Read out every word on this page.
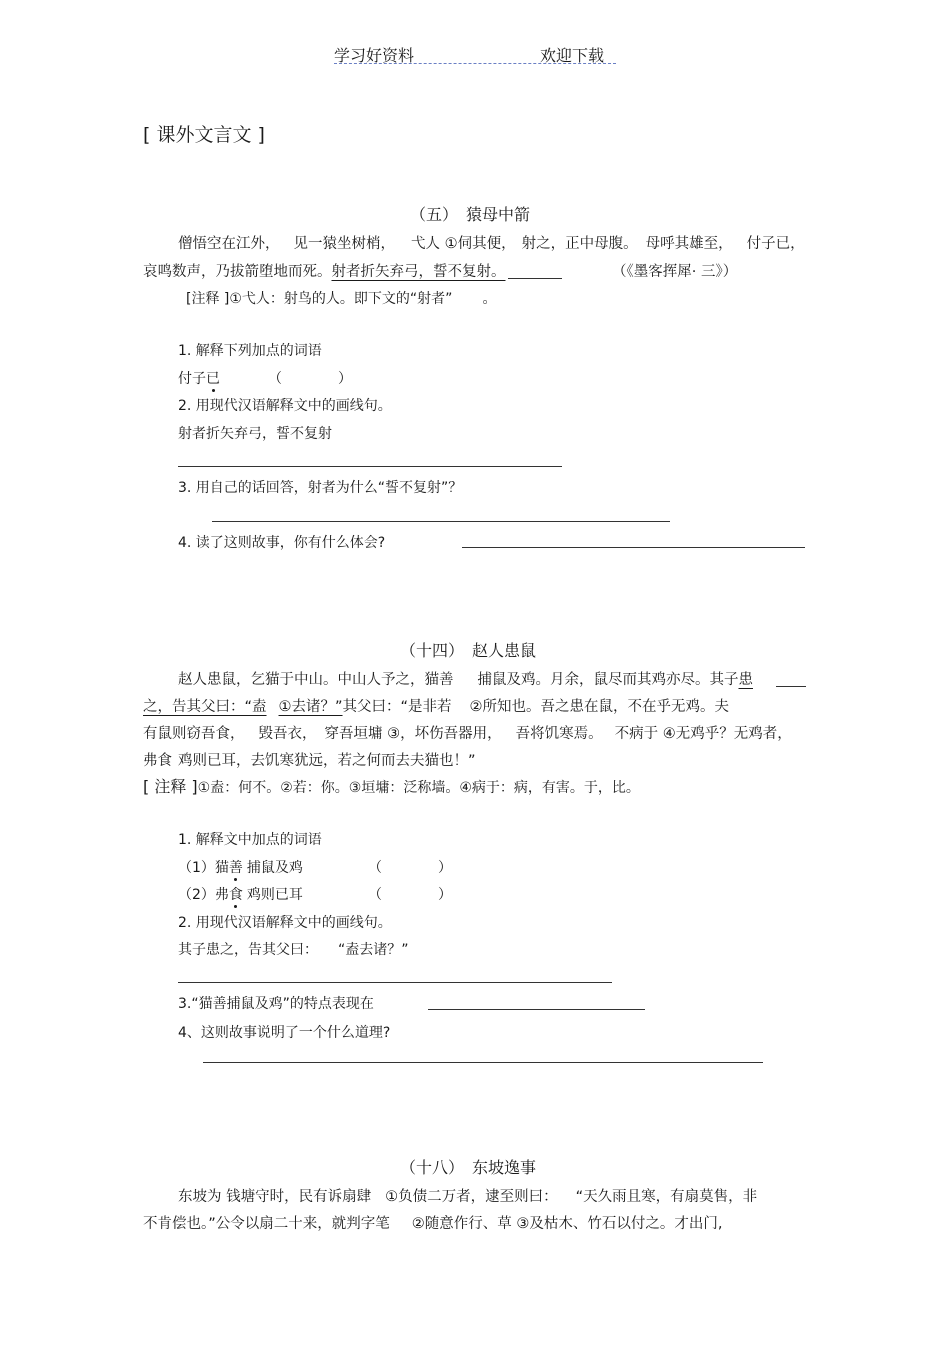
学习好资料	欢迎下载
[ 课外文言文 ]
（五）　猿母中箭
僧悟空在江外， 见一猿坐树梢， 弋人 ①伺其便， 射之，正中母腹。 母呼其雄至， 付子已，
哀鸣数声，乃拔箭堕地而死。射者折矢弃弓，誓不复射。	（《墨客挥犀· 三》）
[注释 ]①弋人：射鸟的人。即下文的“射者” 。
1. 解释下列加点的词语
付子已	（　　　　）
2. 用现代汉语解释文中的画线句。
射者折矢弃弓，誓不复射
3. 用自己的话回答，射者为什么“誓不复射”？
4. 读了这则故事，你有什么体会?
（十四）　赵人患鼠
赵人患鼠，乞猫于中山。中山人予之，猫善 捕鼠及鸡。月余，鼠尽而其鸡亦尽。其子患
之，告其父曰：“盍 ①去诸？”其父曰：“是非若 ②所知也。吾之患在鼠，不在乎无鸡。夫
有鼠则窃吾食， 毁吾衣， 穿吾垣墉 ③，坏伤吾器用， 吾将饥寒焉。 不病于 ④无鸡乎？无鸡者，
弗食 鸡则已耳，去饥寒犹远，若之何而去夫猫也！”
[ 注释 ]①盍：何不。②若：你。③垣墉：泛称墙。④病于：病，有害。于，比。
1. 解释文中加点的词语
（1）猫善 捕鼠及鸡	（　　　　）
（2）弗食 鸡则已耳	（　　　　）
2. 用现代汉语解释文中的画线句。
其子患之，告其父曰： “盍去诸？”
3.“猫善捕鼠及鸡”的特点表现在
4、这则故事说明了一个什么道理?
（十八）　东坡逸事
东坡为 钱塘守时，民有诉扇肆 ①负债二万者，逮至则曰： “天久雨且寒，有扇莫售，非
不肯偿也。”公令以扇二十来，就判字笔 ②随意作行、草 ③及枯木、竹石以付之。才出门,
